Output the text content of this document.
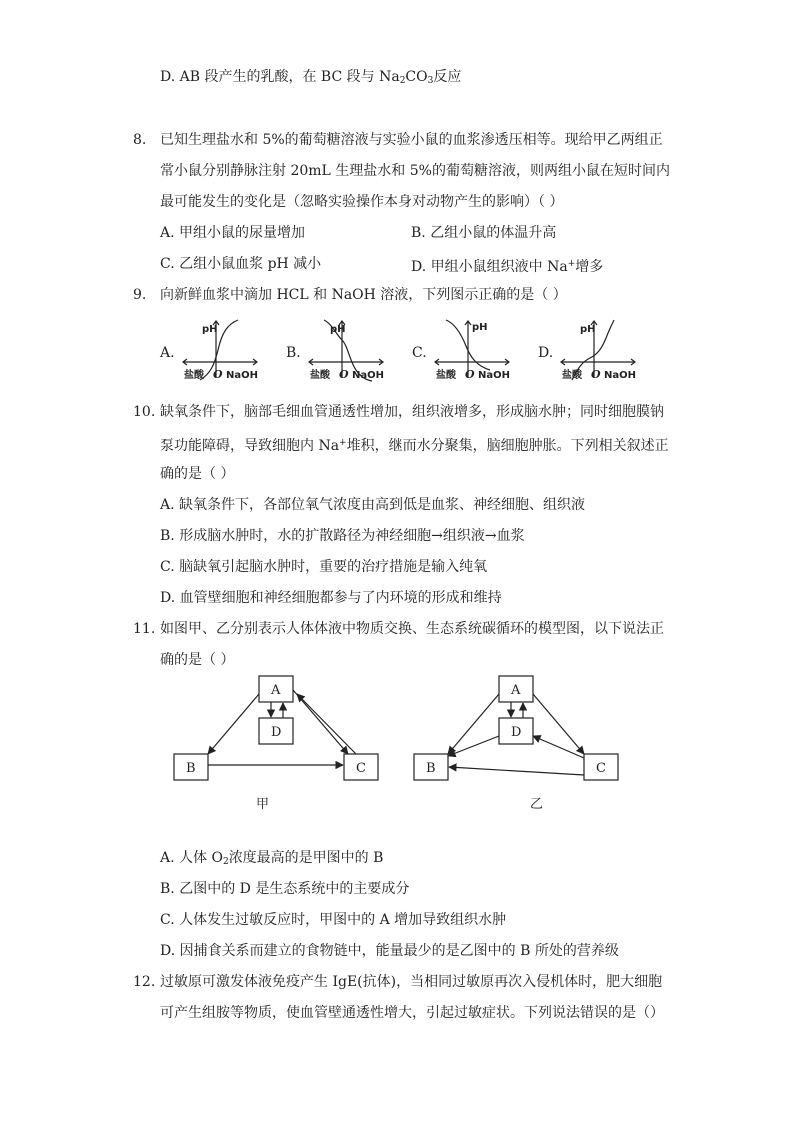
D. AB 段产生的乳酸，在 BC 段与 $Na_2CO_3$反应
8. 已知生理盐水和 5%的葡萄糖溶液与实验小鼠的血浆渗透压相等。现给甲乙两组正
常小鼠分别静脉注射 20mL 生理盐水和 5%的葡萄糖溶液，则两组小鼠在短时间内
最可能发生的变化是（忽略实验操作本身对动物产生的影响）（ ）
A. 甲组小鼠的尿量增加	B. 乙组小鼠的体温升高
C. 乙组小鼠血浆 pH 减小	D. 甲组小鼠组织液中 Na+增多
9. 向新鲜血浆中滴加 HCL 和 NaOH 溶液，下列图示正确的是（ ）
A.	B.	C.	D.
pH
盐酸 O NaOH
pH
盐酸 O NaOH
pH
盐酸 O NaOH
pH
盐酸 O NaOH
10. 缺氧条件下，脑部毛细血管通透性增加，组织液增多，形成脑水肿；同时细胞膜钠
泵功能障碍，导致细胞内 Na+堆积，继而水分聚集，脑细胞肿胀。下列相关叙述正
确的是（ ）
A. 缺氧条件下，各部位氧气浓度由高到低是血浆、神经细胞、组织液
B. 形成脑水肿时，水的扩散路径为神经细胞→组织液→血浆
C. 脑缺氧引起脑水肿时，重要的治疗措施是输入纯氧
D. 血管壁细胞和神经细胞都参与了内环境的形成和维持
11. 如图甲、乙分别表示人体体液中物质交换、生态系统碳循环的模型图，以下说法正
确的是（ ）
A
D
B	C
甲
A
D
B	C
乙
A. 人体 $O_2$浓度最高的是甲图中的 B
B. 乙图中的 D 是生态系统中的主要成分
C. 人体发生过敏反应时，甲图中的 A 增加导致组织水肿
D. 因捕食关系而建立的食物链中，能量最少的是乙图中的 B 所处的营养级
12. 过敏原可激发体液免疫产生 IgE(抗体)，当相同过敏原再次入侵机体时，肥大细胞
可产生组胺等物质，使血管壁通透性增大，引起过敏症状。下列说法错误的是（）
